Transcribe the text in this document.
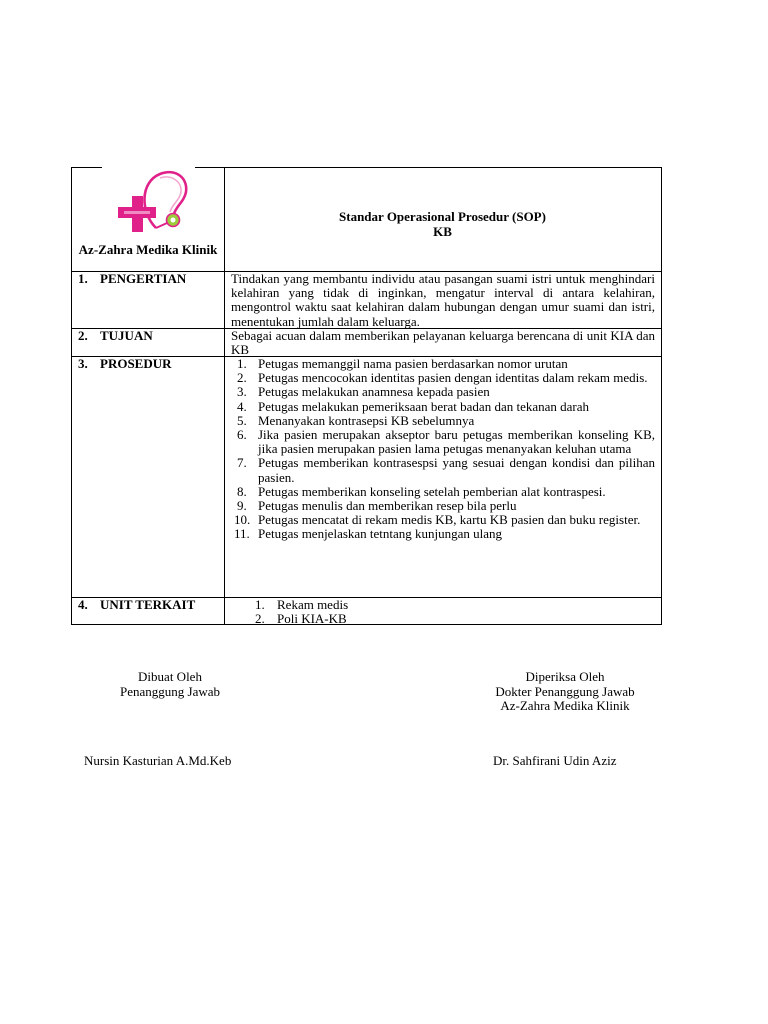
Az-Zahra Medika Klinik
Standar Operasional Prosedur (SOP)
KB
1. PENGERTIAN	Tindakan yang membantu individu atau pasangan suami istri untuk menghindari kelahiran yang tidak di inginkan, mengatur interval di antara kelahiran, mengontrol waktu saat kelahiran dalam hubungan dengan umur suami dan istri, menentukan jumlah dalam keluarga.
2. TUJUAN	Sebagai acuan dalam memberikan pelayanan keluarga berencana di unit KIA dan KB
3. PROSEDUR	1. Petugas memanggil nama pasien berdasarkan nomor urutan
2. Petugas mencocokan identitas pasien dengan identitas dalam rekam medis.
3. Petugas melakukan anamnesa kepada pasien
4. Petugas melakukan pemeriksaan berat badan dan tekanan darah
5. Menanyakan kontrasepsi KB sebelumnya
6. Jika pasien merupakan akseptor baru petugas memberikan konseling KB, jika pasien merupakan pasien lama petugas menanyakan keluhan utama
7. Petugas memberikan kontrasespsi yang sesuai dengan kondisi dan pilihan pasien.
8. Petugas memberikan konseling setelah pemberian alat kontraspesi.
9. Petugas menulis dan memberikan resep bila perlu
10. Petugas mencatat di rekam medis KB, kartu KB pasien dan buku register.
11. Petugas menjelaskan tetntang kunjungan ulang
4. UNIT TERKAIT	1. Rekam medis
2. Poli KIA-KB
Dibuat Oleh
Penanggung Jawab
Diperiksa Oleh
Dokter Penanggung Jawab
Az-Zahra Medika Klinik
Nursin Kasturian A.Md.Keb	Dr. Sahfirani Udin Aziz
